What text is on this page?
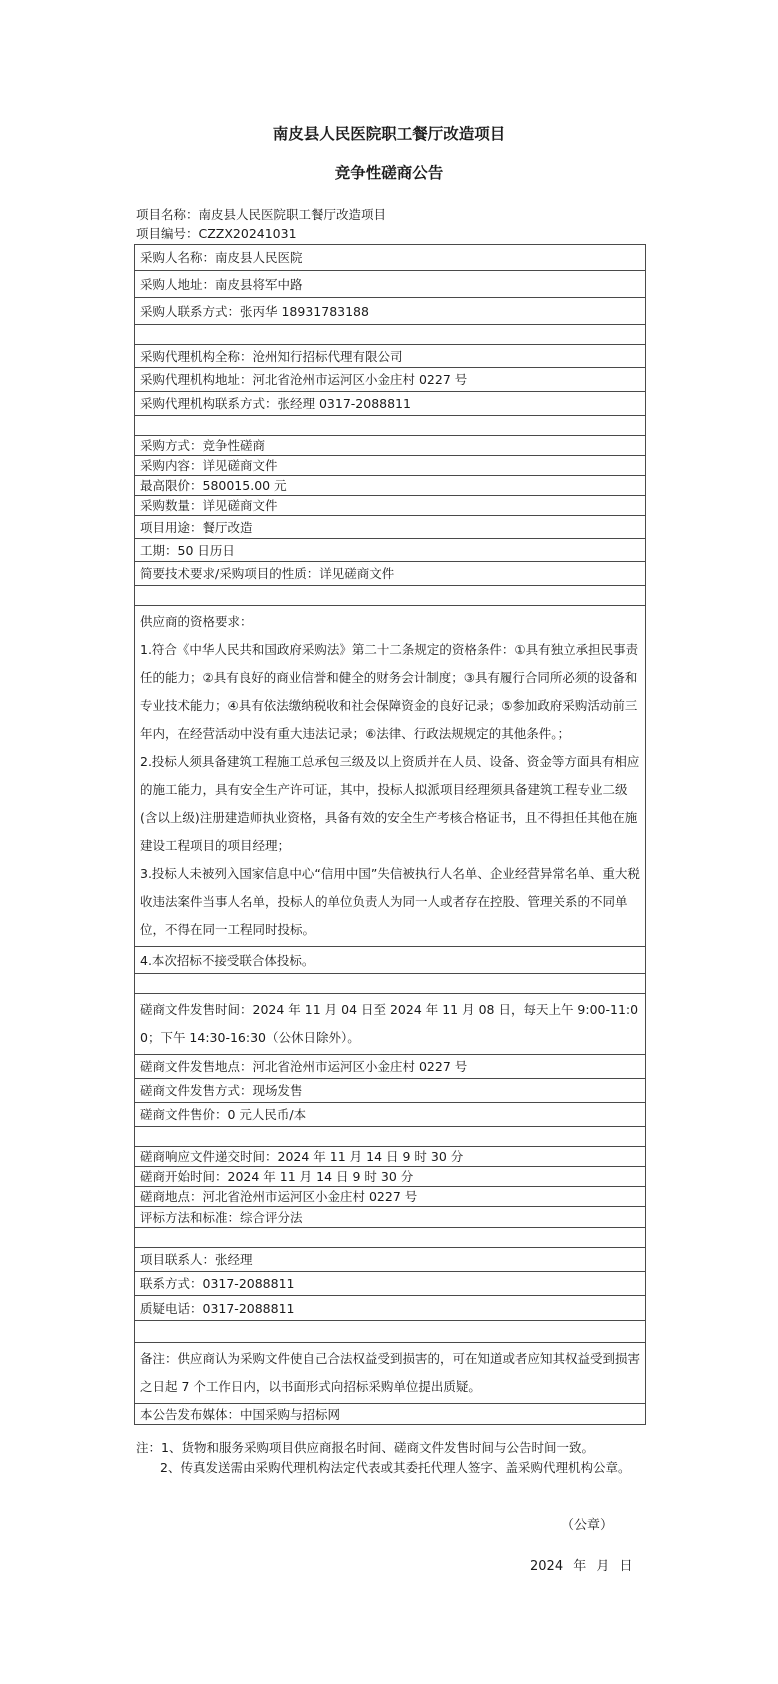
南皮县人民医院职工餐厅改造项目
竞争性磋商公告
项目名称：南皮县人民医院职工餐厅改造项目
项目编号：CZZX20241031
采购人名称：南皮县人民医院
采购人地址：南皮县将军中路
采购人联系方式：张丙华 18931783188

采购代理机构全称：沧州知行招标代理有限公司
采购代理机构地址：河北省沧州市运河区小金庄村 0227 号
采购代理机构联系方式：张经理 0317-2088811

采购方式：竞争性磋商
采购内容：详见磋商文件
最高限价：580015.00 元
采购数量：详见磋商文件
项目用途：餐厅改造
工期：50 日历日
简要技术要求/采购项目的性质：详见磋商文件

供应商的资格要求：
1.符合《中华人民共和国政府采购法》第二十二条规定的资格条件：①具有独立承担民事责任的能力；②具有良好的商业信誉和健全的财务会计制度；③具有履行合同所必须的设备和专业技术能力；④具有依法缴纳税收和社会保障资金的良好记录；⑤参加政府采购活动前三年内，在经营活动中没有重大违法记录；⑥法律、行政法规规定的其他条件。；
2.投标人须具备建筑工程施工总承包三级及以上资质并在人员、设备、资金等方面具有相应的施工能力，具有安全生产许可证，其中，投标人拟派项目经理须具备建筑工程专业二级(含以上级)注册建造师执业资格，具备有效的安全生产考核合格证书，且不得担任其他在施建设工程项目的项目经理；
3.投标人未被列入国家信息中心“信用中国”失信被执行人名单、企业经营异常名单、重大税收违法案件当事人名单，投标人的单位负责人为同一人或者存在控股、管理关系的不同单位，不得在同一工程同时投标。

4.本次招标不接受联合体投标。

磋商文件发售时间：2024 年 11 月 04 日至 2024 年 11 月 08 日，每天上午 9:00-11:00；下午 14:30-16:30（公休日除外）。

磋商文件发售地点：河北省沧州市运河区小金庄村 0227 号
磋商文件发售方式：现场发售
磋商文件售价：0 元人民币/本

磋商响应文件递交时间：2024 年 11 月 14 日 9 时 30 分
磋商开始时间：2024 年 11 月 14 日 9 时 30 分
磋商地点：河北省沧州市运河区小金庄村 0227 号
评标方法和标准：综合评分法

项目联系人：张经理
联系方式：0317-2088811
质疑电话：0317-2088811

备注：供应商认为采购文件使自己合法权益受到损害的，可在知道或者应知其权益受到损害之日起 7 个工作日内，以书面形式向招标采购单位提出质疑。

本公告发布媒体：中国采购与招标网
注：1、货物和服务采购项目供应商报名时间、磋商文件发售时间与公告时间一致。
2、传真发送需由采购代理机构法定代表或其委托代理人签字、盖采购代理机构公章。
（公章）
2024 年 月 日
